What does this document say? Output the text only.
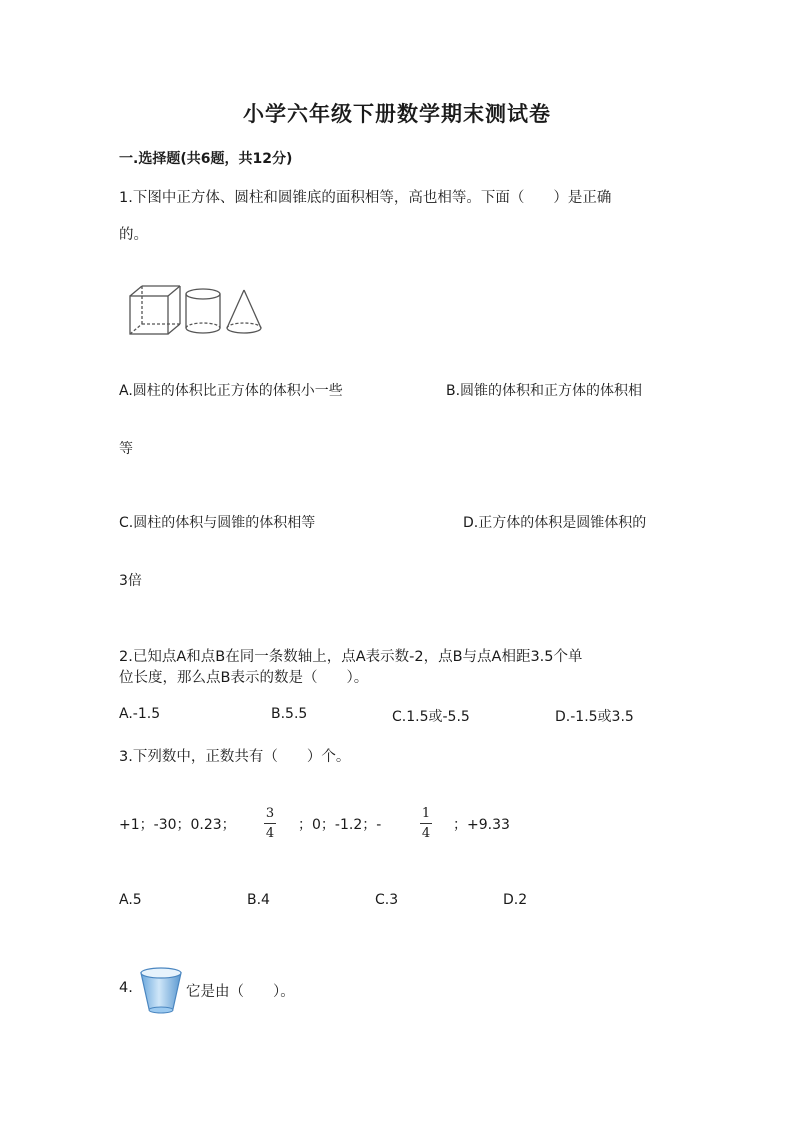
小学六年级下册数学期末测试卷
一.选择题(共6题，共12分)
1.下图中正方体、圆柱和圆锥底的面积相等，高也相等。下面（　　）是正确
的。
A.圆柱的体积比正方体的体积小一些	B.圆锥的体积和正方体的体积相
等
C.圆柱的体积与圆锥的体积相等	D.正方体的体积是圆锥体积的
3倍
2.已知点A和点B在同一条数轴上，点A表示数-2，点B与点A相距3.5个单
位长度，那么点B表示的数是（　　）。
A.-1.5	B.5.5	C.1.5或-5.5	D.-1.5或3.5
3.下列数中，正数共有（　　）个。
+1；-30；0.23；
3
4
；0；-1.2；-
1
4
；+9.33
A.5	B.4	C.3	D.2
4.	它是由（　　）。
